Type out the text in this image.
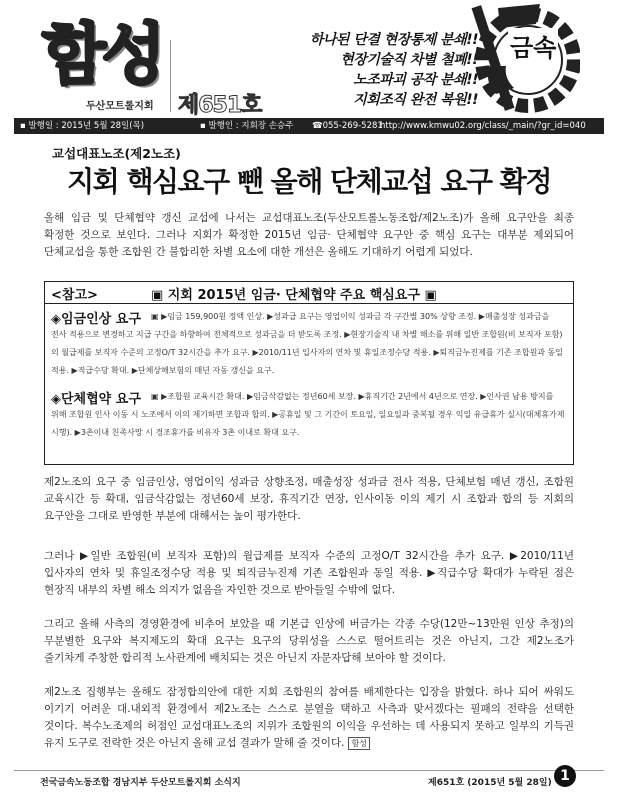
함성
두산모트롤지회 제651호
하나된 단결 현장통제 분쇄!!
현장기술직 차별 철폐!!
노조파괴 공작 분쇄!!
지회조직 완전 복원!!
금속
▪ 발행일 : 2015년 5월 28일(목)	▪ 발행인 : 지회장 손승주 ☎055-269-5281
http://www.kmwu02.org/class/_main/?gr_id=040
교섭대표노조(제2노조)
지회 핵심요구 뺀 올해 단체교섭 요구 확정
올해 임금 및 단체협약 갱신 교섭에 나서는 교섭대표노조(두산모트롤노동조합/제2노조)가 올해 요구안을 최종 확정한 것으로 보인다. 그러나 지회가 확정한 2015년 임금· 단체협약 요구안 중 핵심 요구는 대부분 제외되어 단체교섭을 통한 조합원 간 불합리한 차별 요소에 대한 개선은 올해도 기대하기 어렵게 되었다.
<참고>	▣ 지회 2015년 임금· 단체협약 주요 핵심요구 ▣
◈임금인상 요구	▣ ▶임금 159,900원 정액 인상. ▶성과급 요구는 영업이익 성과금 각 구간별 30% 상향 조정. ▶매출성장 성과금을 전사 적용으로 변경하고 지급 구간을 하향하여 전체적으로 성과금을 더 받도록 조정. ▶현장기술직 내 차별 해소를 위해 일반 조합원(비 보직자 포함)의 월급제를 보직자 수준의 고정O/T 32시간을 추가 요구. ▶2010/11년 입사자의 연차 및 휴일조정수당 적용. ▶퇴직금누진제를 기존 조합원과 동일 적용. ▶직급수당 확대. ▶단체상해보험의 매년 자동 갱신을 요구.
◈단체협약 요구	▣ ▶조합원 교육시간 확대. ▶임금삭감없는 정년60세 보장. ▶휴직기간 2년에서 4년으로 연장. ▶인사권 남용 방지를 위해 조합원 인사 이동 시 노조에서 이의 제기하면 조합과 합의. ▶공휴일 및 그 기간이 토요일, 일요일과 중복될 경우 익일 유급휴가 실시(대체휴가제 시행). ▶3촌이내 친족사망 시 경조휴가를 비유자 3촌 이내로 확대 요구.
제2노조의 요구 중 임금인상, 영업이익 성과금 상향조정, 매출성장 성과금 전사 적용, 단체보험 매년 갱신, 조합원 교육시간 등 확대, 임금삭감없는 정년60세 보장, 휴직기간 연장, 인사이동 이의 제기 시 조합과 합의 등 지회의 요구안을 그대로 반영한 부분에 대해서는 높이 평가한다.
그러나 ▶일반 조합원(비 보직자 포함)의 월급제를 보직자 수준의 고정O/T 32시간을 추가 요구. ▶2010/11년 입사자의 연차 및 휴일조정수당 적용 및 퇴직금누진제 기존 조합원과 동일 적용. ▶직급수당 확대가 누락된 점은 현장직 내부의 차별 해소 의지가 없음을 자인한 것으로 받아들일 수밖에 없다.
그리고 올해 사측의 경영환경에 비추어 보았을 때 기본급 인상에 버금가는 각종 수당(12만~13만원 인상 추정)의 무분별한 요구와 복지제도의 확대 요구는 요구의 당위성을 스스로 떨어트리는 것은 아닌지, 그간 제2노조가 줄기차게 주창한 합리적 노사관계에 배치되는 것은 아닌지 자문자답해 보아야 할 것이다.
제2노조 집행부는 올해도 잠정합의안에 대한 지회 조합원의 참여를 배제한다는 입장을 밝혔다. 하나 되어 싸워도 이기기 어려운 대.내외적 환경에서 제2노조는 스스로 분열을 택하고 사측과 맞서겠다는 필패의 전략을 선택한 것이다. 복수노조제의 허점인 교섭대표노조의 지위가 조합원의 이익을 우선하는 데 사용되지 못하고 일부의 기득권 유지 도구로 전락한 것은 아닌지 올해 교섭 결과가 말해 줄 것이다. 함성
전국금속노동조합 경남지부 두산모트롤지회 소식지	제651호 (2015년 5월 28일) 1
